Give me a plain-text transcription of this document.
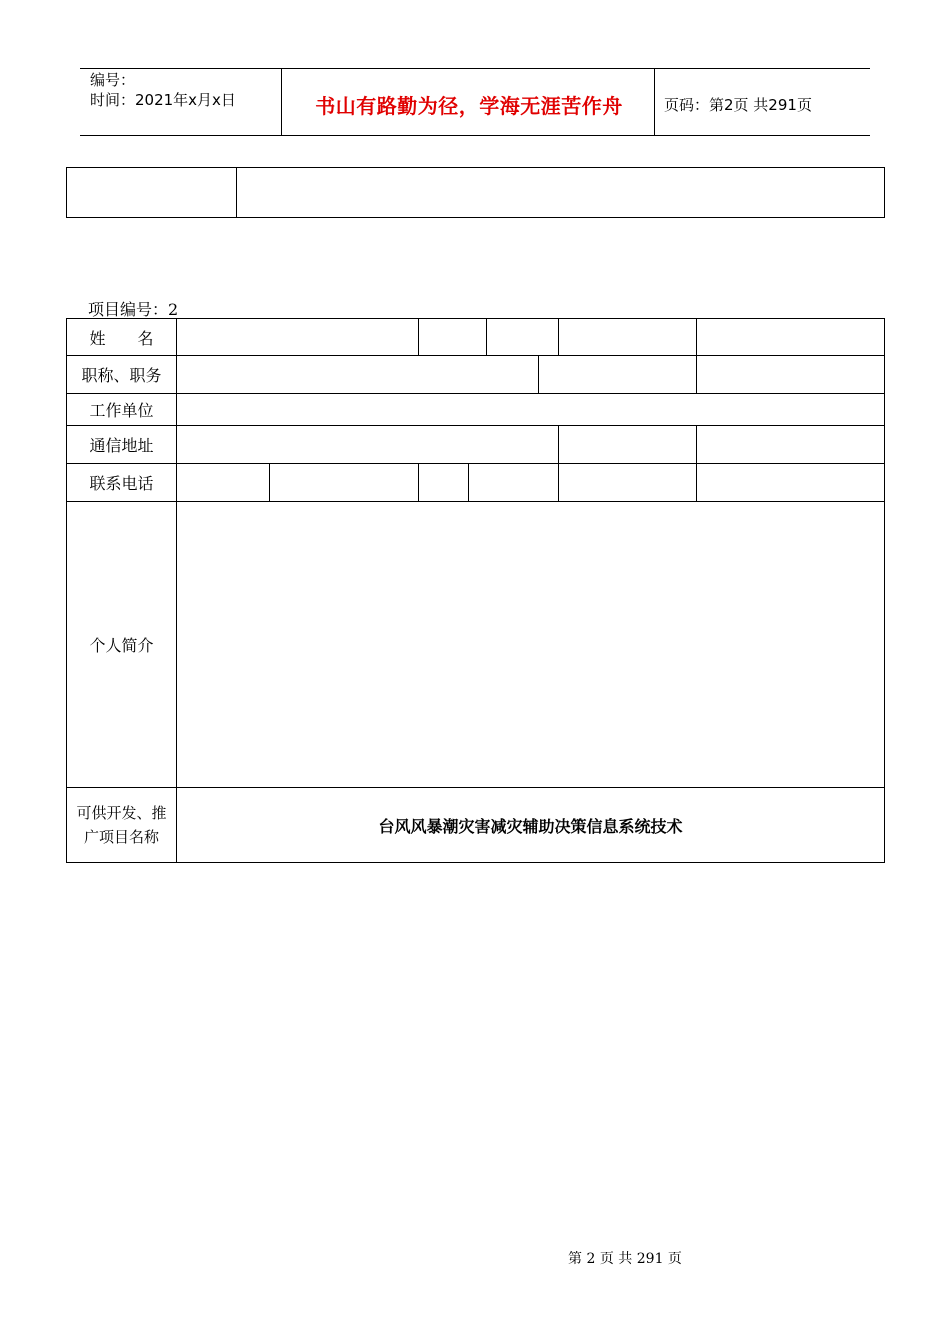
编号：
时间：2021年x月x日	书山有路勤为径，学海无涯苦作舟	页码：第2页 共291页

项目编号：2
姓　　名								
职称、职务								
工作单位								
通信地址								
联系电话								
个人简介								
可供开发、推广项目名称	台风风暴潮灾害减灾辅助决策信息系统技术							
第 2 页 共 291 页
